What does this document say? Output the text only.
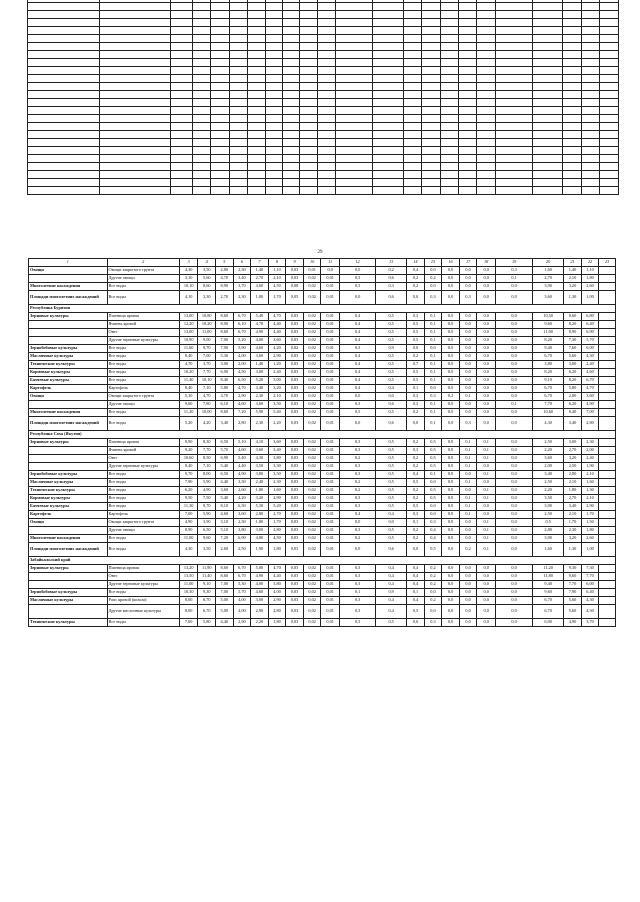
29
1	2	3	4	5	6	7	8	9	10	11	12	13	14	15	16	17	18	19	20	21	22	23
Овощи	Овощи закрытого грунта	4,30	3,50	2,80	2,30	1,40	1,10	0,03	0,01	0,0	0,0	0,2	0,4	0,0	0,0	0,0	0,0	0,3	1,60	1,40	1,10	
	Другие овощи	3,10	5,60	4,70	3,40	2,70	2,10	0,03	0,02	0,01	0,3	0,6	0,2	0,2	0,0	0,0	0,0	0,1	2,70	2,10	1,80	
Многолетние насаждения	Все виды	10,10	8,60	8,90	3,70	4,60	4,50	0,08	0,02	0,01	0,3	0,3	0,2	0,0	0,0	0,0	0,0	0,0	3,90	3,20	2,60	
Площади многолетних насаждений	Все виды	4,10	3,30	2,70	2,30	1,80	1,70	0,05	0,02	0,01	0,0	0,6	0,0	0,3	0,0	0,3	0,0	0,0	3,60	1,30	1,00	
Республика Бурятия																						
Зерновые культуры	Пшеница яровая	13,00	10,80	8,60	6,70	5,40	4,70	0,03	0,02	0,01	0,4	0,5	0,3	0,1	0,0	0,0	0,0	0,0	10,50	8,60	6,80	
	Ячмень яровой	12,20	10,20	8,90	6,10	4,70	4,40	0,03	0,02	0,01	0,4	0,5	0,5	0,1	0,0	0,0	0,0	0,0	9,60	8,20	6,40	
	Овес	13,00	11,00	8,60	6,70	4,90	4,40	0,03	0,02	0,01	0,4	0,5	0,5	0,1	0,0	0,0	0,0	0,0	11,00	8,90	6,90	
	Другие зерновые культуры	10,90	9,00	7,00	5,20	4,00	3,60	0,03	0,02	0,01	0,4	0,5	0,5	0,1	0,0	0,0	0,0	0,0	8,20	7,30	5,70	
Зернобобовые культуры	Все виды	11,60	9,70	7,90	5,90	4,60	4,20	0,02	0,02	0,01	0,3	0,9	0,0	0,0	0,0	0,0	0,0	0,0	9,40	7,60	6,00	
Масличные культуры	Все виды	8,40	7,00	5,30	4,00	3,60	2,90	0,03	0,02	0,01	0,4	0,5	0,2	0,1	0,0	0,0	0,0	0,0	6,70	5,60	4,30	
Технические культуры	Все виды	4,70	3,70	3,00	2,00	1,40	1,20	0,03	0,02	0,01	0,4	0,5	0,7	0,1	0,0	0,0	0,0	0,0	3,80	3,00	2,40	
Кормовые культуры	Все виды	10,20	7,70	6,90	4,50	3,00	2,40	0,03	0,02	0,01	0,4	0,5	0,5	0,1	0,0	0,0	0,0	0,0	8,20	6,20	4,60	
Бахчевые культуры	Все виды	11,40	10,10	8,40	6,50	5,20	5,00	0,03	0,02	0,01	0,4	0,5	0,5	0,1	0,0	0,0	0,0	0,0	9,10	8,20	6,70	
Картофель	Картофель	8,40	7,10	5,80	4,70	3,40	3,20	0,03	0,02	0,01	0,4	0,4	0,1	0,0	0,0	0,0	0,0	0,0	6,70	5,80	4,70	
Овощи	Овощи закрытого грунта	5,10	4,70	3,70	2,90	2,30	2,10	0,03	0,02	0,01	0,0	0,0	0,3	0,3	0,2	0,1	0,0	0,0	6,70	2,80	3,60	
	Другие овощи	9,60	7,80	6,10	4,60	3,60	3,50	0,03	0,02	0,01	0,3	0,6	0,3	0,1	0,0	0,0	0,0	0,1	7,70	6,20	4,90	
Многолетние насаждения	Все виды	11,20	10,00	8,60	7,20	5,90	5,40	0,03	0,02	0,01	0,5	0,5	0,2	0,1	0,0	0,0	0,0	0,0	10,60	8,40	7,00	
Площади многолетних насаждений	Все виды	5,20	4,20	3,40	2,80	2,30	2,20	0,03	0,02	0,01	0,0	0,6	0,0	0,1	0,0	0,3	0,0	0,0	4,30	3,40	2,80	
Республика Саха (Якутия)																						
Зерновые культуры	Пшеница яровая	9,90	8,30	6,50	5,10	4,10	3,60	0,03	0,02	0,01	0,3	0,5	0,2	0,5	0,0	0,1	0,1	0,0	2,50	3,00	2,30	
	Ячмень яровой	9,20	7,70	5,70	4,60	3,60	3,40	0,03	0,02	0,01	0,3	0,5	0,3	0,5	0,0	0,1	0,1	0,0	2,20	2,70	2,00	
	Овес	10,60	8,50	6,90	5,40	4,30	3,80	0,03	0,02	0,01	0,2	0,5	0,2	0,5	0,0	0,1	0,1	0,0	3,60	3,20	2,40	
	Другие зерновые культуры	8,40	7,10	5,40	4,40	3,50	3,30	0,03	0,02	0,01	0,3	0,5	0,2	0,5	0,0	0,1	0,0	0,0	2,00	2,50	1,90	
Зернобобовые культуры	Все виды	9,70	8,00	6,50	4,90	3,80	3,50	0,03	0,02	0,01	0,3	0,5	0,4	0,1	0,0	0,0	0,1	0,0	3,40	2,80	2,10	
Масличные культуры	Все виды	7,90	5,90	4,40	3,30	2,40	2,30	0,03	0,02	0,01	0,2	0,5	0,5	0,0	0,0	0,1	0,0	0,0	2,50	2,10	1,60	
Технические культуры	Все виды	6,20	4,90	3,60	2,60	1,80	1,60	0,03	0,02	0,01	0,2	0,5	0,2	0,5	0,0	0,0	0,1	0,0	2,20	1,80	1,30	
Кормовые культуры	Все виды	9,50	7,50	5,40	4,20	3,20	2,90	0,03	0,02	0,01	0,3	0,5	0,2	0,5	0,0	0,1	0,1	0,0	3,50	2,70	2,10	
Бахчевые культуры	Все виды	11,30	9,70	8,10	6,30	5,30	5,20	0,03	0,02	0,01	0,3	0,5	0,5	0,0	0,0	0,1	0,0	0,0	3,90	3,40	2,90	
Картофель	Картофель	7,00	5,90	4,60	3,60	2,80	2,70	0,03	0,02	0,01	0,4	0,4	0,3	0,0	0,0	0,1	0,0	0,0	2,50	2,10	1,70	
Овощи	Овощи закрытого грунта	4,90	3,90	3,10	2,30	1,80	1,70	0,03	0,02	0,01	0,0	0,0	0,1	0,3	0,0	0,0	0,1	0,0	0,5	1,70	1,50	
	Другие овощи	8,90	6,50	5,10	3,80	3,00	2,80	0,03	0,02	0,01	0,3	0,5	0,2	0,4	0,0	0,0	0,1	0,0	2,80	2,30	1,80	
Многолетние насаждения	Все виды	11,00	9,60	7,20	6,90	4,80	4,50	0,03	0,02	0,01	0,2	0,5	0,2	0,4	0,0	0,0	0,1	0,0	3,90	3,20	2,60	
Площади многолетних насаждений	Все виды	4,30	3,50	2,60	2,50	1,90	1,80	0,03	0,02	0,01	0,0	0,6	0,0	0,5	0,0	0,2	0,1	0,0	1,60	1,30	1,00	
Забайкальский край																						
Зерновые культуры	Пшеница яровая	13,20	11,90	8,60	6,70	5,00	4,70	0,03	0,02	0,01	0,3	0,4	0,4	0,2	0,0	0,0	0,0	0,0	11,20	9,30	7,30	
	Овес	13,50	11,40	8,60	6,70	4,90	4,40	0,03	0,02	0,01	0,3	0,4	0,4	0,2	0,0	0,0	0,0	0,0	11,80	9,60	7,70	
	Другие зерновые культуры	11,00	9,10	7,00	5,30	4,00	3,80	0,03	0,02	0,01	0,3	0,4	0,4	0,2	0,0	0,0	0,0	0,0	9,40	7,70	6,00	
Зернобобовые культуры	Все виды	10,30	9,30	7,00	5,70	4,60	4,00	0,03	0,02	0,01	0,1	0,9	0,1	0,0	0,0	0,0	0,0	0,0	9,60	7,90	6,40	
Масличные культуры	Рапс яровой (кольза)	8,00	6,70	5,00	4,00	3,00	2,90	0,03	0,02	0,01	0,3	0,4	0,4	0,2	0,0	0,0	0,0	0,0	6,70	5,60	4,30	
	Другие масличные культуры	8,00	6,70	5,00	4,00	2,90	2,80	0,03	0,02	0,01	0,3	0,4	0,5	0,0	0,0	0,0	0,0	0,0	6,70	5,60	4,30	
Технические культуры	Все виды	7,00	5,80	4,40	2,90	2,20	1,80	0,03	0,02	0,01	0,3	0,5	0,6	0,3	0,0	0,0	0,0	0,0	6,00	4,90	3,70	
